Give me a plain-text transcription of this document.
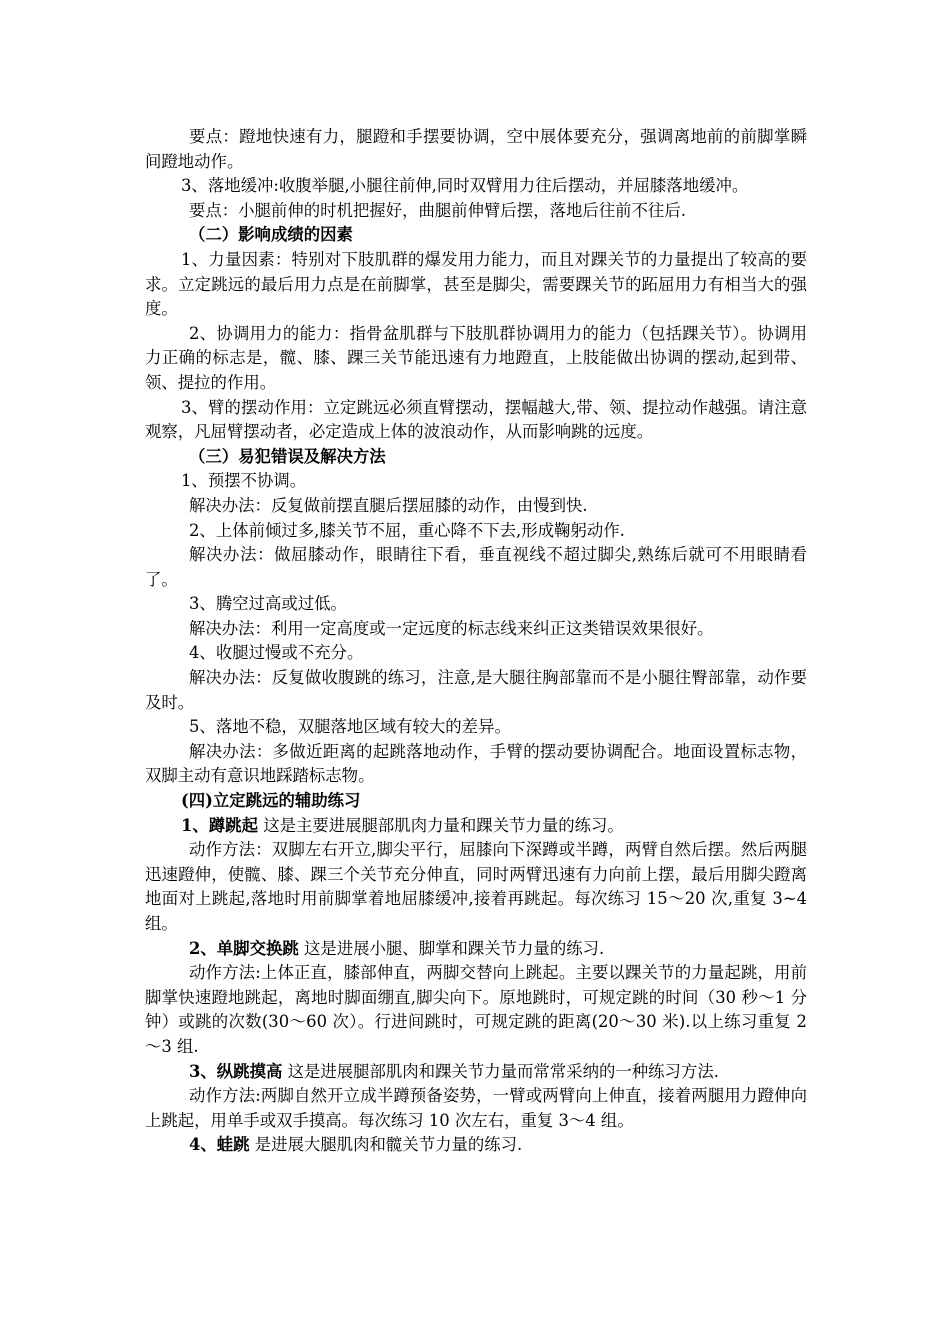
要点：蹬地快速有力，腿蹬和手摆要协调，空中展体要充分，强调离地前的前脚掌瞬间蹬地动作。

3、落地缓冲:收腹举腿,小腿往前伸,同时双臂用力往后摆动，并屈膝落地缓冲。

要点：小腿前伸的时机把握好，曲腿前伸臂后摆，落地后往前不往后.

（二）影响成绩的因素

1、力量因素：特别对下肢肌群的爆发用力能力，而且对踝关节的力量提出了较高的要求。立定跳远的最后用力点是在前脚掌，甚至是脚尖，需要踝关节的跖屈用力有相当大的强度。

2、协调用力的能力：指骨盆肌群与下肢肌群协调用力的能力（包括踝关节）。协调用力正确的标志是，髋、膝、踝三关节能迅速有力地蹬直，上肢能做出协调的摆动,起到带、领、提拉的作用。

3、臂的摆动作用：立定跳远必须直臂摆动，摆幅越大,带、领、提拉动作越强。请注意观察，凡屈臂摆动者，必定造成上体的波浪动作，从而影响跳的远度。

（三）易犯错误及解决方法

1、预摆不协调。

解决办法：反复做前摆直腿后摆屈膝的动作，由慢到快.

2、上体前倾过多,膝关节不屈，重心降不下去,形成鞠躬动作.

解决办法：做屈膝动作，眼睛往下看，垂直视线不超过脚尖,熟练后就可不用眼睛看了。

3、腾空过高或过低。

解决办法：利用一定高度或一定远度的标志线来纠正这类错误效果很好。

4、收腿过慢或不充分。

解决办法：反复做收腹跳的练习，注意,是大腿往胸部靠而不是小腿往臀部靠，动作要及时。

5、落地不稳，双腿落地区域有较大的差异。

解决办法：多做近距离的起跳落地动作，手臂的摆动要协调配合。地面设置标志物，双脚主动有意识地踩踏标志物。

(四)立定跳远的辅助练习

1、蹲跳起 这是主要进展腿部肌肉力量和踝关节力量的练习。

动作方法：双脚左右开立,脚尖平行，屈膝向下深蹲或半蹲，两臂自然后摆。然后两腿迅速蹬伸，使髋、膝、踝三个关节充分伸直，同时两臂迅速有力向前上摆，最后用脚尖蹬离地面对上跳起,落地时用前脚掌着地屈膝缓冲,接着再跳起。每次练习 15～20 次,重复 3~4 组。

2、单脚交换跳 这是进展小腿、脚掌和踝关节力量的练习.

动作方法:上体正直，膝部伸直，两脚交替向上跳起。主要以踝关节的力量起跳，用前脚掌快速蹬地跳起，离地时脚面绷直,脚尖向下。原地跳时，可规定跳的时间（30 秒～1 分钟）或跳的次数(30～60 次）。行进间跳时，可规定跳的距离(20～30 米).以上练习重复 2～3 组.

3、纵跳摸高 这是进展腿部肌肉和踝关节力量而常常采纳的一种练习方法.

动作方法:两脚自然开立成半蹲预备姿势，一臂或两臂向上伸直，接着两腿用力蹬伸向上跳起，用单手或双手摸高。每次练习 10 次左右，重复 3～4 组。

4、蛙跳 是进展大腿肌肉和髋关节力量的练习.
